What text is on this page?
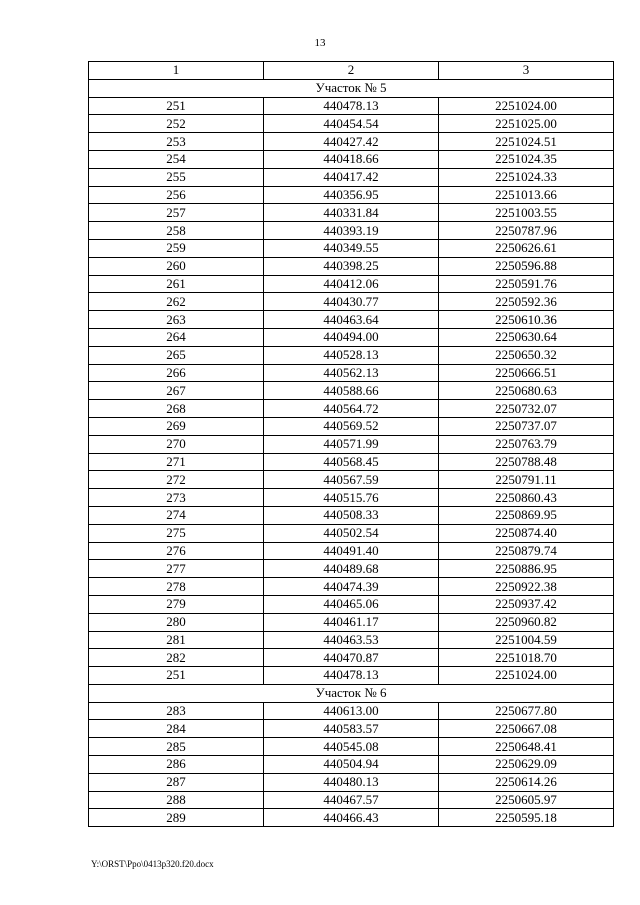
13
1	2	3
Участок № 5		
251	440478.13	2251024.00
252	440454.54	2251025.00
253	440427.42	2251024.51
254	440418.66	2251024.35
255	440417.42	2251024.33
256	440356.95	2251013.66
257	440331.84	2251003.55
258	440393.19	2250787.96
259	440349.55	2250626.61
260	440398.25	2250596.88
261	440412.06	2250591.76
262	440430.77	2250592.36
263	440463.64	2250610.36
264	440494.00	2250630.64
265	440528.13	2250650.32
266	440562.13	2250666.51
267	440588.66	2250680.63
268	440564.72	2250732.07
269	440569.52	2250737.07
270	440571.99	2250763.79
271	440568.45	2250788.48
272	440567.59	2250791.11
273	440515.76	2250860.43
274	440508.33	2250869.95
275	440502.54	2250874.40
276	440491.40	2250879.74
277	440489.68	2250886.95
278	440474.39	2250922.38
279	440465.06	2250937.42
280	440461.17	2250960.82
281	440463.53	2251004.59
282	440470.87	2251018.70
251	440478.13	2251024.00
Участок № 6		
283	440613.00	2250677.80
284	440583.57	2250667.08
285	440545.08	2250648.41
286	440504.94	2250629.09
287	440480.13	2250614.26
288	440467.57	2250605.97
289	440466.43	2250595.18
Y:\ORST\Ppo\0413p320.f20.docx
